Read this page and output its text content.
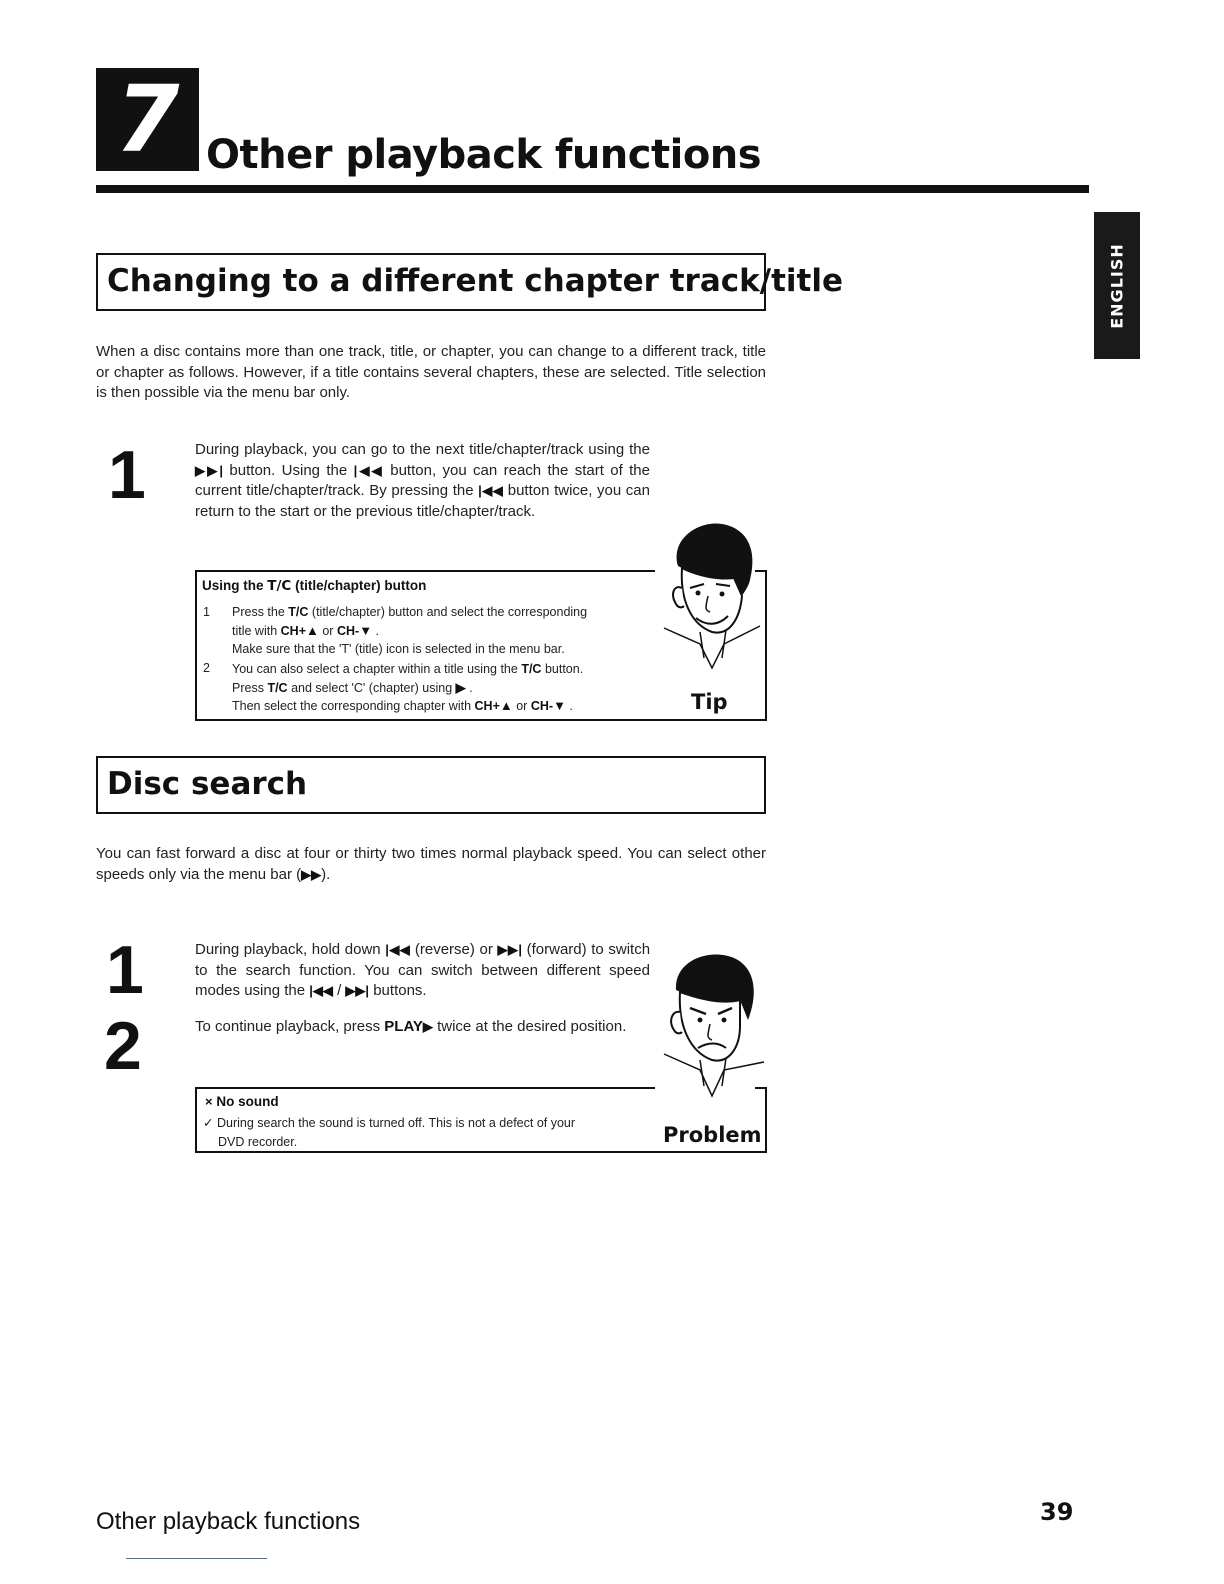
7 Other playback functions
ENGLISH
Changing to a different chapter track/title
When a disc contains more than one track, title, or chapter, you can change to a different track, title or chapter as follows. However, if a title contains several chapters, these are selected. Title selection is then possible via the menu bar only.
1	During playback, you can go to the next title/chapter/track using the ▶▶| button. Using the |◀◀ button, you can reach the start of the current title/chapter/track. By pressing the |◀◀ button twice, you can return to the start or the previous title/chapter/track.
Using the T/C (title/chapter) button
1 Press the T/C (title/chapter) button and select the corresponding
title with CH+▲ or CH-▼ .
Make sure that the 'T' (title) icon is selected in the menu bar.
2 You can also select a chapter within a title using the T/C button.
Press T/C and select 'C' (chapter) using ▶ .
Then select the corresponding chapter with CH+▲ or CH-▼ .	Tip
Disc search
You can fast forward a disc at four or thirty two times normal playback speed. You can select other speeds only via the menu bar (▶▶).
1	During playback, hold down |◀◀ (reverse) or ▶▶| (forward) to switch to the search function. You can switch between different speed modes using the |◀◀ / ▶▶| buttons.
2	To continue playback, press PLAY▶ twice at the desired position.
× No sound
✓ During search the sound is turned off. This is not a defect of your
DVD recorder.	Problem
Other playback functions	39
